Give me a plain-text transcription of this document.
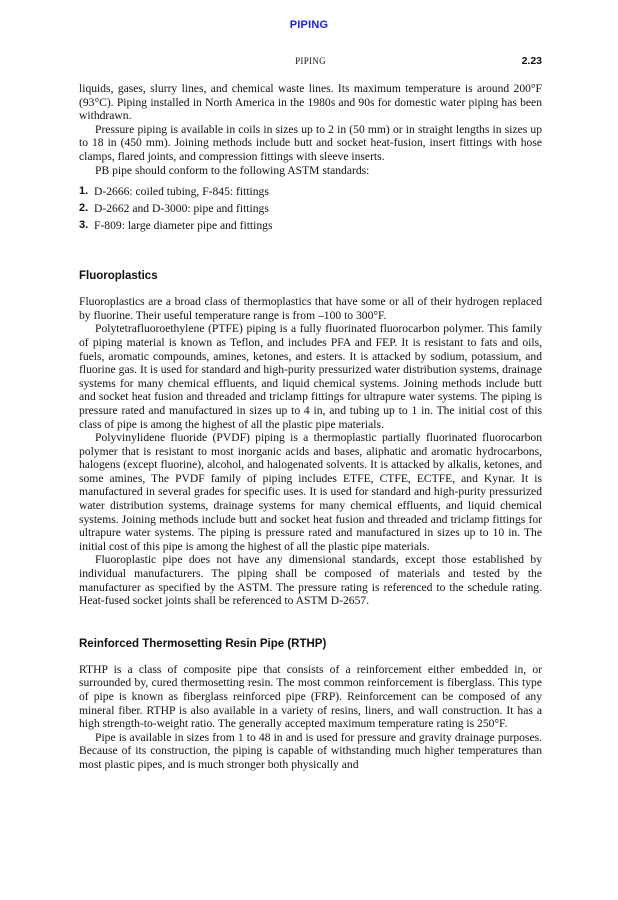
PIPING
PIPING	2.23

liquids, gases, slurry lines, and chemical waste lines. Its maximum temperature is around 200°F (93°C). Piping installed in North America in the 1980s and 90s for domestic water piping has been withdrawn.

Pressure piping is available in coils in sizes up to 2 in (50 mm) or in straight lengths in sizes up to 18 in (450 mm). Joining methods include butt and socket heat-fusion, insert fittings with hose clamps, flared joints, and compression fittings with sleeve inserts.

PB pipe should conform to the following ASTM standards:

1. D-2666: coiled tubing, F-845: fittings
2. D-2662 and D-3000: pipe and fittings
3. F-809: large diameter pipe and fittings
Fluoroplastics

Fluoroplastics are a broad class of thermoplastics that have some or all of their hydrogen replaced by fluorine. Their useful temperature range is from –100 to 300°F.

Polytetrafluoroethylene (PTFE) piping is a fully fluorinated fluorocarbon polymer. This family of piping material is known as Teflon, and includes PFA and FEP. It is resistant to fats and oils, fuels, aromatic compounds, amines, ketones, and esters. It is attacked by sodium, potassium, and fluorine gas. It is used for standard and high-purity pressurized water distribution systems, drainage systems for many chemical effluents, and liquid chemical systems. Joining methods include butt and socket heat fusion and threaded and triclamp fittings for ultrapure water systems. The piping is pressure rated and manufactured in sizes up to 4 in, and tubing up to 1 in. The initial cost of this class of pipe is among the highest of all the plastic pipe materials.

Polyvinylidene fluoride (PVDF) piping is a thermoplastic partially fluorinated fluorocarbon polymer that is resistant to most inorganic acids and bases, aliphatic and aromatic hydrocarbons, halogens (except fluorine), alcohol, and halogenated solvents. It is attacked by alkalis, ketones, and some amines, The PVDF family of piping includes ETFE, CTFE, ECTFE, and Kynar. It is manufactured in several grades for specific uses. It is used for standard and high-purity pressurized water distribution systems, drainage systems for many chemical effluents, and liquid chemical systems. Joining methods include butt and socket heat fusion and threaded and triclamp fittings for ultrapure water systems. The piping is pressure rated and manufactured in sizes up to 10 in. The initial cost of this pipe is among the highest of all the plastic pipe materials.

Fluoroplastic pipe does not have any dimensional standards, except those established by individual manufacturers. The piping shall be composed of materials and tested by the manufacturer as specified by the ASTM. The pressure rating is referenced to the schedule rating. Heat-fused socket joints shall be referenced to ASTM D-2657.

Reinforced Thermosetting Resin Pipe (RTHP)

RTHP is a class of composite pipe that consists of a reinforcement either embedded in, or surrounded by, cured thermosetting resin. The most common reinforcement is fiberglass. This type of pipe is known as fiberglass reinforced pipe (FRP). Reinforcement can be composed of any mineral fiber. RTHP is also available in a variety of resins, liners, and wall construction. It has a high strength-to-weight ratio. The generally accepted maximum temperature rating is 250°F.

Pipe is available in sizes from 1 to 48 in and is used for pressure and gravity drainage purposes. Because of its construction, the piping is capable of withstanding much higher temperatures than most plastic pipes, and is much stronger both physically and
